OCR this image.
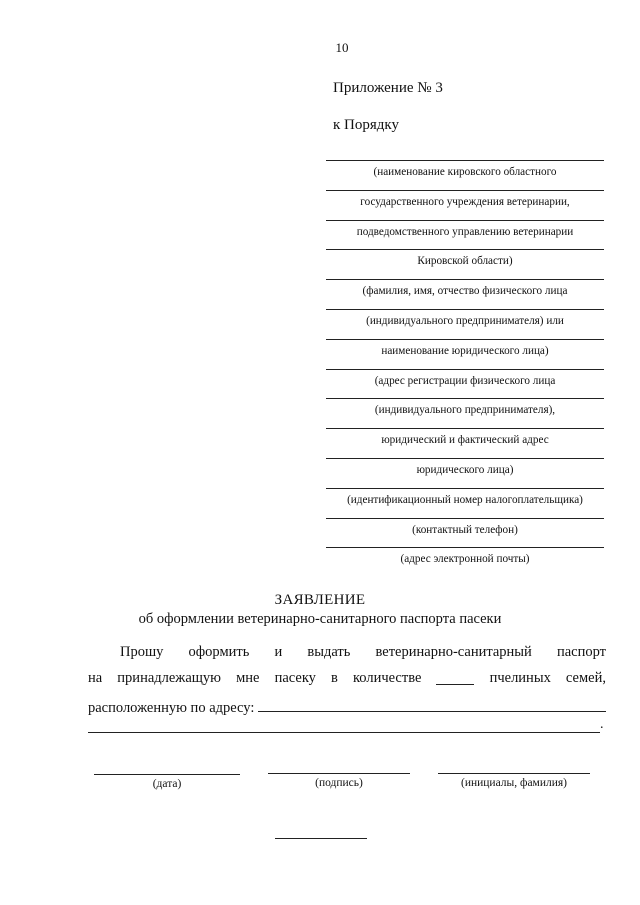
10
Приложение № 3
к Порядку
(наименование кировского областного
государственного учреждения ветеринарии,
подведомственного управлению ветеринарии
Кировской области)
(фамилия, имя, отчество физического лица
(индивидуального предпринимателя) или
наименование юридического лица)
(адрес регистрации физического лица
(индивидуального предпринимателя),
юридический и фактический адрес
юридического лица)
(идентификационный номер налогоплательщика)
(контактный телефон)
(адрес электронной почты)
ЗАЯВЛЕНИЕ
об оформлении ветеринарно-санитарного паспорта пасеки
Прошу оформить и выдать ветеринарно-санитарный паспорт
на принадлежащую мне пасеку в количестве	пчелиных семей,
расположенную по адресу:
.
(дата)	(подпись)	(инициалы, фамилия)
